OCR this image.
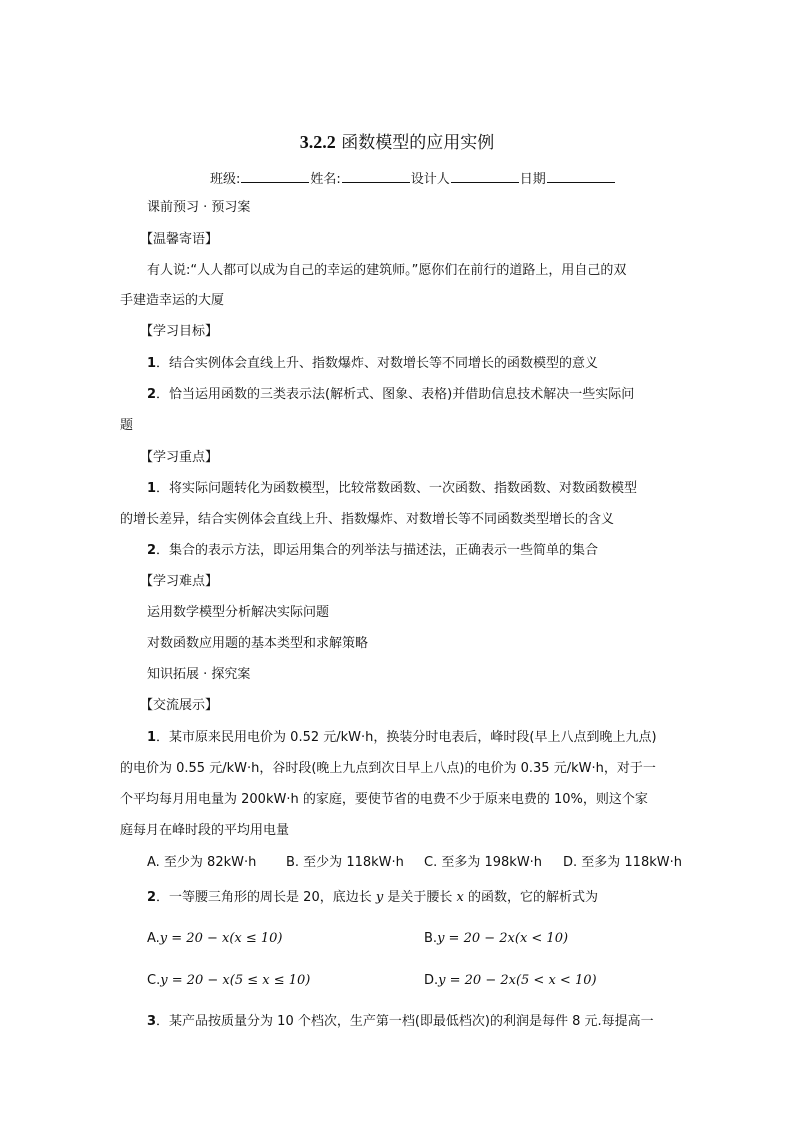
3.2.2 函数模型的应用实例
班级:	姓名:	设计人	日期
课前预习 · 预习案
【温馨寄语】
有人说:“人人都可以成为自己的幸运的建筑师。”愿你们在前行的道路上，用自己的双
手建造幸运的大厦
【学习目标】
1．结合实例体会直线上升、指数爆炸、对数增长等不同增长的函数模型的意义
2．恰当运用函数的三类表示法(解析式、图象、表格)并借助信息技术解决一些实际问
题
【学习重点】
1．将实际问题转化为函数模型，比较常数函数、一次函数、指数函数、对数函数模型
的增长差异，结合实例体会直线上升、指数爆炸、对数增长等不同函数类型增长的含义
2．集合的表示方法，即运用集合的列举法与描述法，正确表示一些简单的集合
【学习难点】
运用数学模型分析解决实际问题
对数函数应用题的基本类型和求解策略
知识拓展 · 探究案
【交流展示】
1．某市原来民用电价为 0.52 元/kW·h，换装分时电表后，峰时段(早上八点到晚上九点)
的电价为 0.55 元/kW·h，谷时段(晚上九点到次日早上八点)的电价为 0.35 元/kW·h，对于一
个平均每月用电量为 200kW·h 的家庭，要使节省的电费不少于原来电费的 10%，则这个家
庭每月在峰时段的平均用电量
A. 至少为 82kW·h B. 至少为 118kW·h C. 至多为 198kW·h D. 至多为 118kW·h
2．一等腰三角形的周长是 20，底边长 y 是关于腰长 x 的函数，它的解析式为
A.y = 20 − x(x ≤ 10)	B.y = 20 − 2x(x < 10)
C.y = 20 − x(5 ≤ x ≤ 10)	D.y = 20 − 2x(5 < x < 10)
3．某产品按质量分为 10 个档次，生产第一档(即最低档次)的利润是每件 8 元.每提高一
